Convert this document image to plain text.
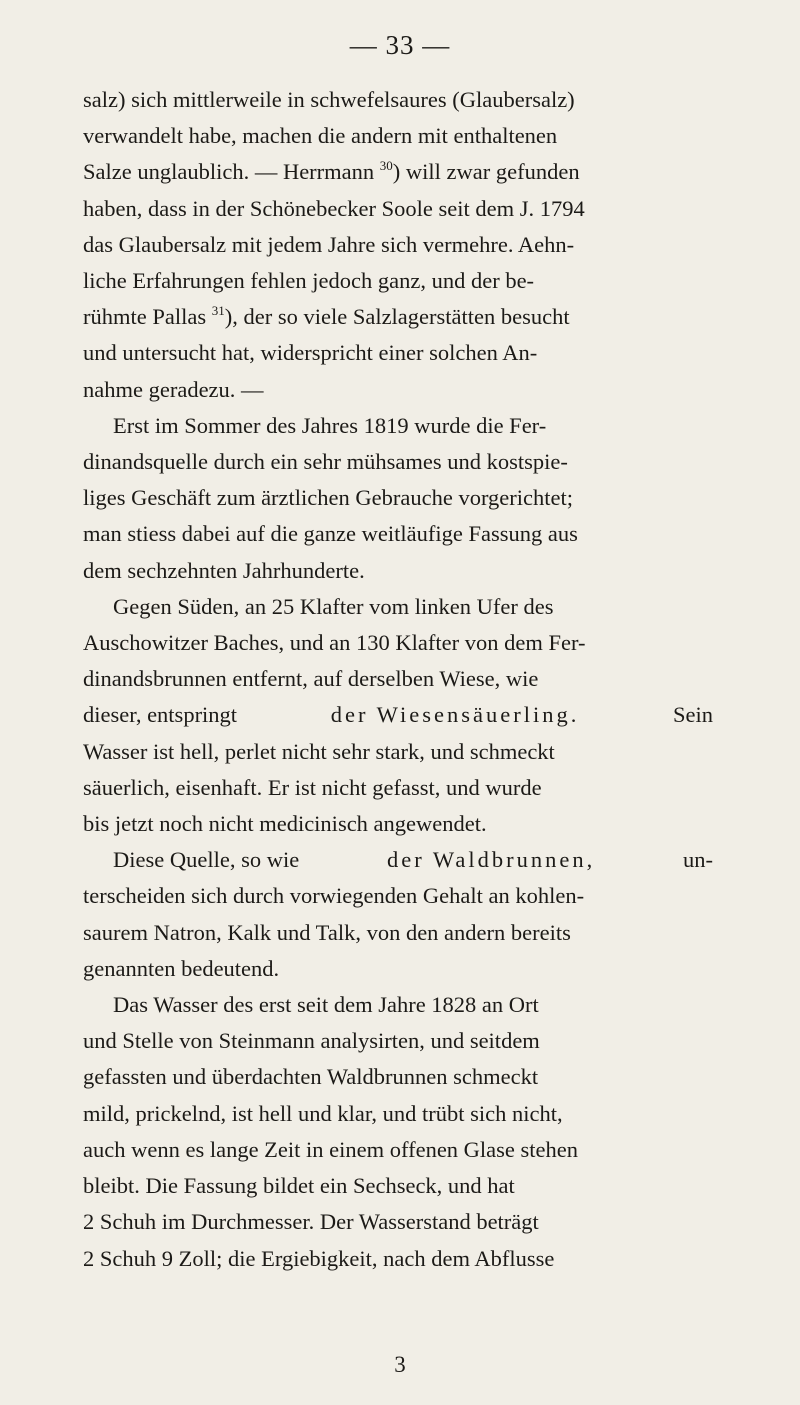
— 33 —
salz) sich mittlerweile in schwefelsaures (Glaubersalz)
verwandelt habe, machen die andern mit enthaltenen
Salze unglaublich. — Herrmann $^{30}$) will zwar gefunden
haben, dass in der Schönebecker Soole seit dem J. 1794
das Glaubersalz mit jedem Jahre sich vermehre. Aehn-
liche Erfahrungen fehlen jedoch ganz, und der be-
rühmte Pallas $^{31}$), der so viele Salzlagerstätten besucht
und untersucht hat, widerspricht einer solchen An-
nahme geradezu. —
Erst im Sommer des Jahres 1819 wurde die Fer-
dinandsquelle durch ein sehr mühsames und kostspie-
liges Geschäft zum ärztlichen Gebrauche vorgerichtet;
man stiess dabei auf die ganze weitläufige Fassung aus
dem sechzehnten Jahrhunderte.
Gegen Süden, an 25 Klafter vom linken Ufer des
Auschowitzer Baches, und an 130 Klafter von dem Fer-
dinandsbrunnen entfernt, auf derselben Wiese, wie
dieser, entspringt	der Wiesensäuerling.	Sein
Wasser ist hell, perlet nicht sehr stark, und schmeckt
säuerlich, eisenhaft. Er ist nicht gefasst, und wurde
bis jetzt noch nicht medicinisch angewendet.
Diese Quelle, so wie	der Waldbrunnen,	un-
terscheiden sich durch vorwiegenden Gehalt an kohlen-
saurem Natron, Kalk und Talk, von den andern bereits
genannten bedeutend.
Das Wasser des erst seit dem Jahre 1828 an Ort
und Stelle von Steinmann analysirten, und seitdem
gefassten und überdachten Waldbrunnen schmeckt
mild, prickelnd, ist hell und klar, und trübt sich nicht,
auch wenn es lange Zeit in einem offenen Glase stehen
bleibt. Die Fassung bildet ein Sechseck, und hat
2 Schuh im Durchmesser. Der Wasserstand beträgt
2 Schuh 9 Zoll; die Ergiebigkeit, nach dem Abflusse
3
